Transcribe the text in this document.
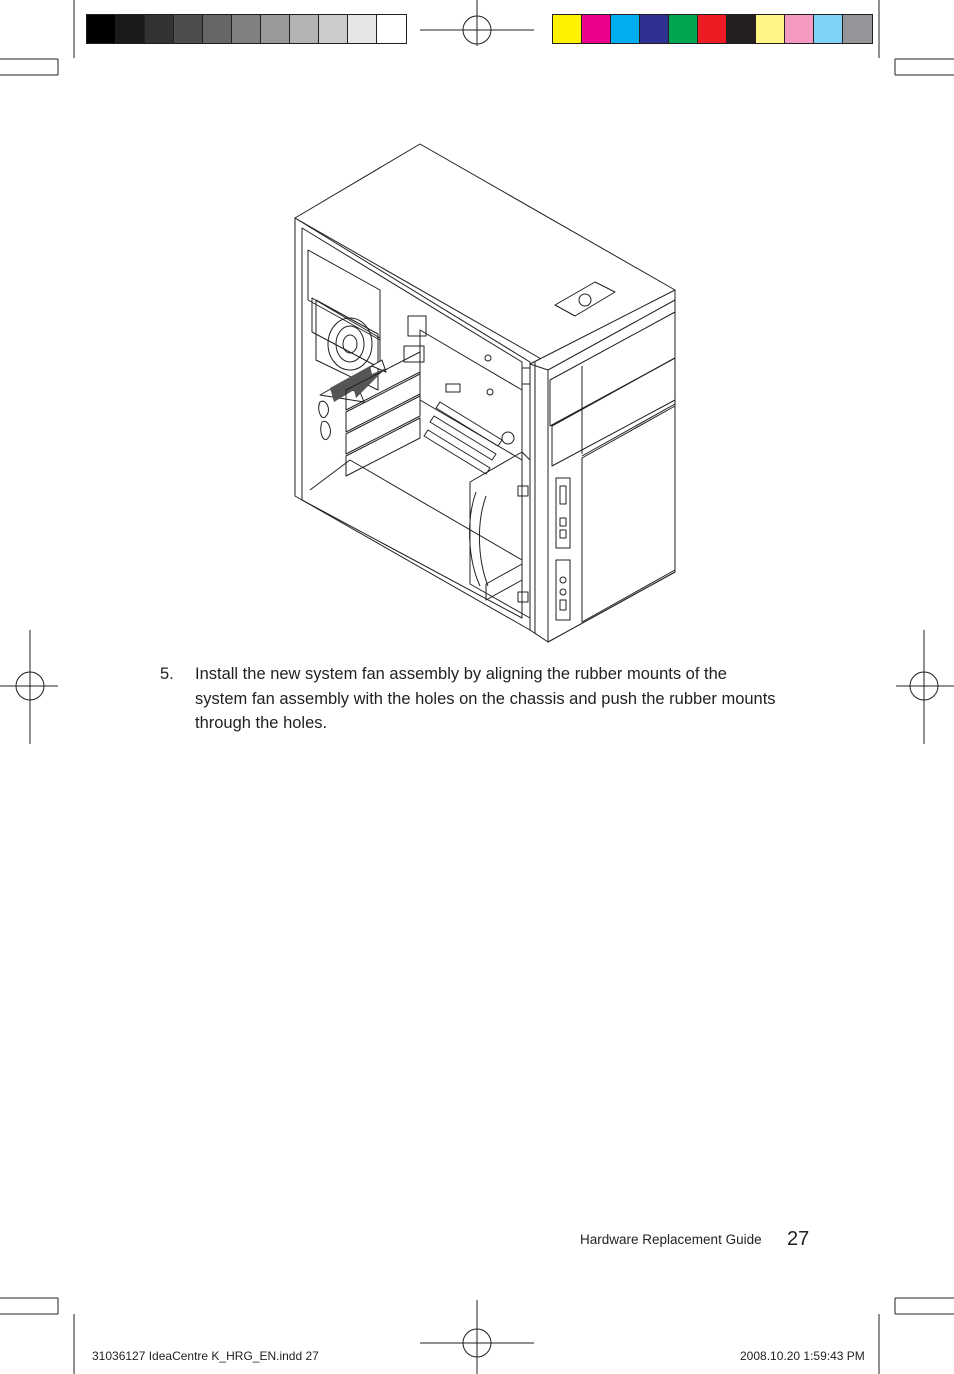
5.	Install the new system fan assembly by aligning the rubber mounts of the system fan assembly with the holes on the chassis and push the rubber mounts through the holes.
Hardware Replacement Guide 27
31036127 IdeaCentre K_HRG_EN.indd 27	2008.10.20 1:59:43 PM
